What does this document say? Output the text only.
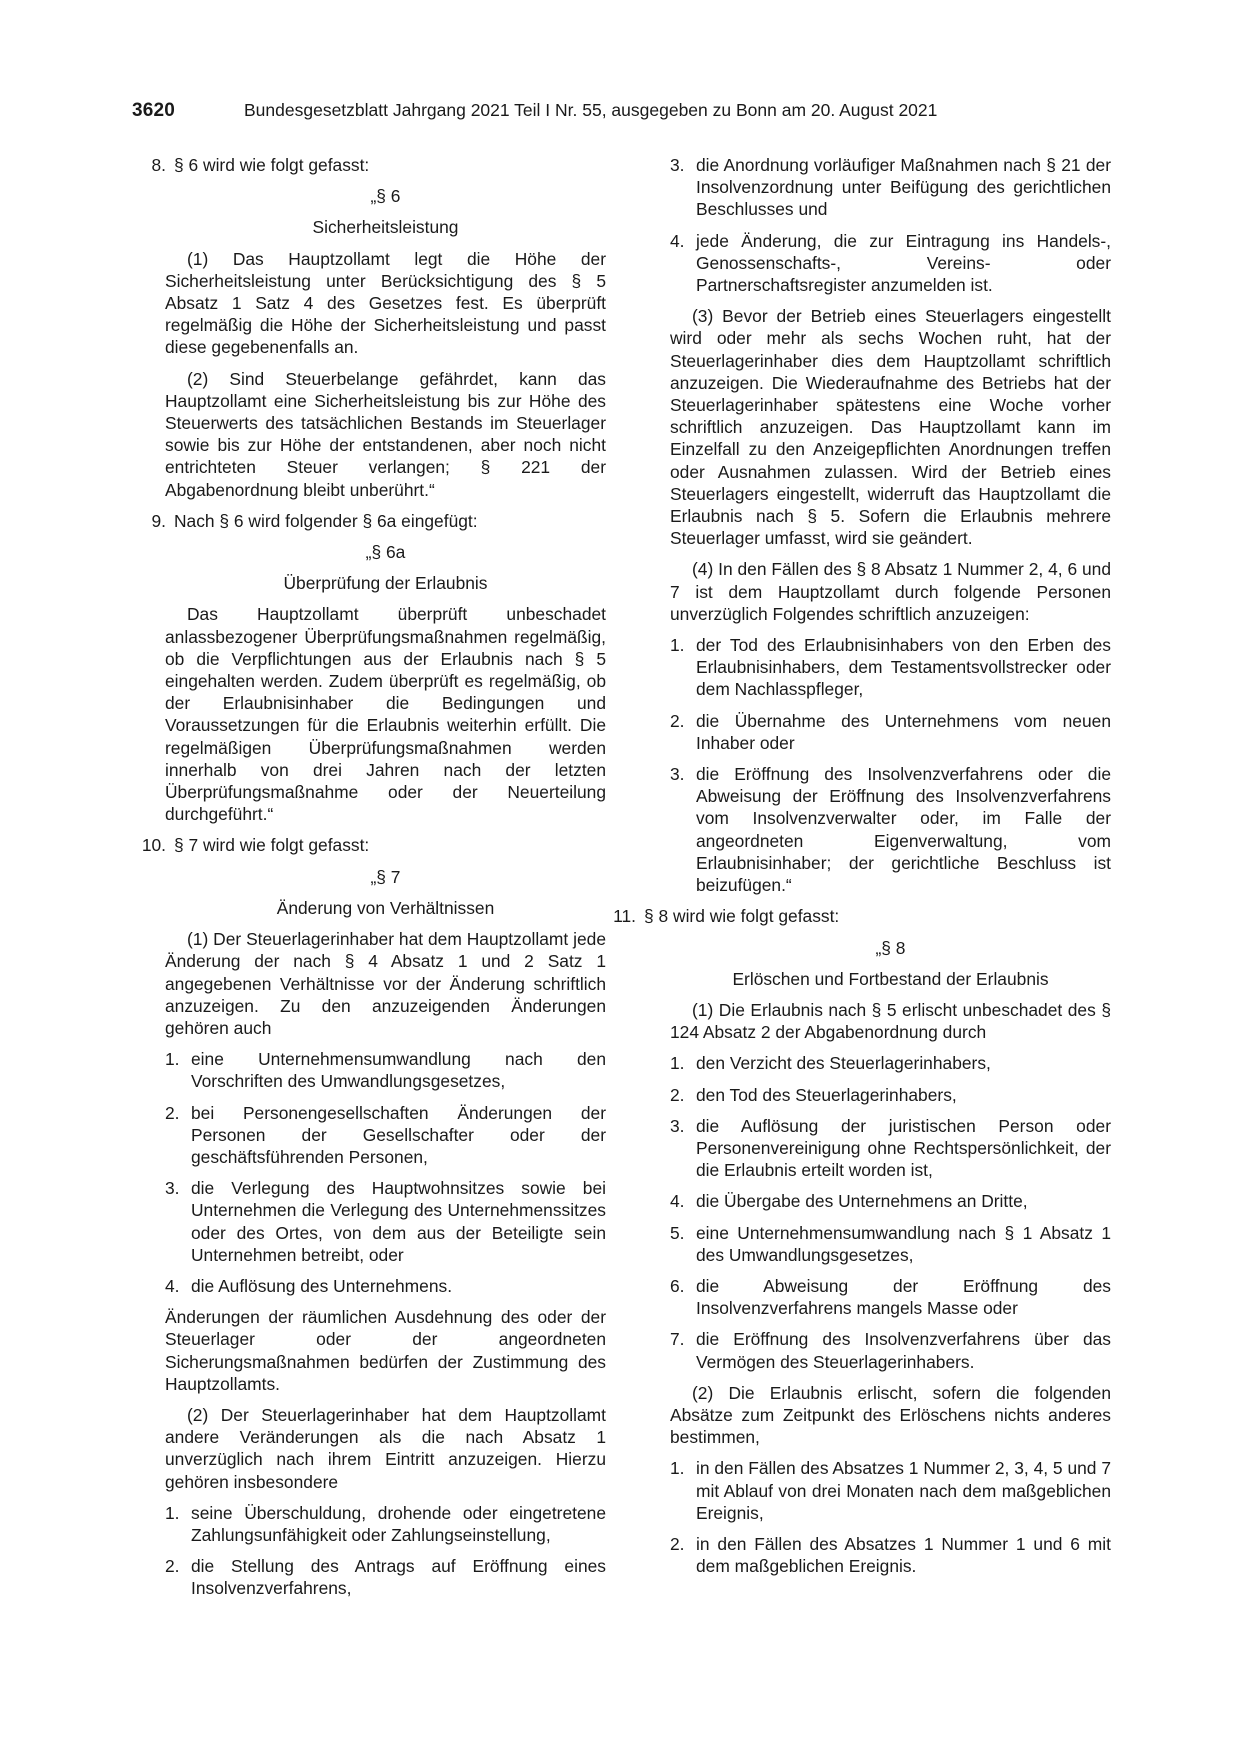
3620	Bundesgesetzblatt Jahrgang 2021 Teil I Nr. 55, ausgegeben zu Bonn am 20. August 2021
8. § 6 wird wie folgt gefasst:

„§ 6

Sicherheitsleistung

(1) Das Hauptzollamt legt die Höhe der Sicherheitsleistung unter Berücksichtigung des § 5 Absatz 1 Satz 4 des Gesetzes fest. Es überprüft regelmäßig die Höhe der Sicherheitsleistung und passt diese gegebenenfalls an.

(2) Sind Steuerbelange gefährdet, kann das Hauptzollamt eine Sicherheitsleistung bis zur Höhe des Steuerwerts des tatsächlichen Bestands im Steuerlager sowie bis zur Höhe der entstandenen, aber noch nicht entrichteten Steuer verlangen; § 221 der Abgabenordnung bleibt unberührt.“

9. Nach § 6 wird folgender § 6a eingefügt:

„§ 6a

Überprüfung der Erlaubnis

Das Hauptzollamt überprüft unbeschadet anlassbezogener Überprüfungsmaßnahmen regelmäßig, ob die Verpflichtungen aus der Erlaubnis nach § 5 eingehalten werden. Zudem überprüft es regelmäßig, ob der Erlaubnisinhaber die Bedingungen und Voraussetzungen für die Erlaubnis weiterhin erfüllt. Die regelmäßigen Überprüfungsmaßnahmen werden innerhalb von drei Jahren nach der letzten Überprüfungsmaßnahme oder der Neuerteilung durchgeführt.“

10. § 7 wird wie folgt gefasst:

„§ 7

Änderung von Verhältnissen

(1) Der Steuerlagerinhaber hat dem Hauptzollamt jede Änderung der nach § 4 Absatz 1 und 2 Satz 1 angegebenen Verhältnisse vor der Änderung schriftlich anzuzeigen. Zu den anzuzeigenden Änderungen gehören auch

1. eine Unternehmensumwandlung nach den Vorschriften des Umwandlungsgesetzes,
2. bei Personengesellschaften Änderungen der Personen der Gesellschafter oder der geschäftsführenden Personen,
3. die Verlegung des Hauptwohnsitzes sowie bei Unternehmen die Verlegung des Unternehmenssitzes oder des Ortes, von dem aus der Beteiligte sein Unternehmen betreibt, oder
4. die Auflösung des Unternehmens.

Änderungen der räumlichen Ausdehnung des oder der Steuerlager oder der angeordneten Sicherungsmaßnahmen bedürfen der Zustimmung des Hauptzollamts.

(2) Der Steuerlagerinhaber hat dem Hauptzollamt andere Veränderungen als die nach Absatz 1 unverzüglich nach ihrem Eintritt anzuzeigen. Hierzu gehören insbesondere

1. seine Überschuldung, drohende oder eingetretene Zahlungsunfähigkeit oder Zahlungseinstellung,
2. die Stellung des Antrags auf Eröffnung eines Insolvenzverfahrens,
3. die Anordnung vorläufiger Maßnahmen nach § 21 der Insolvenzordnung unter Beifügung des gerichtlichen Beschlusses und
4. jede Änderung, die zur Eintragung ins Handels-, Genossenschafts-, Vereins- oder Partnerschaftsregister anzumelden ist.

(3) Bevor der Betrieb eines Steuerlagers eingestellt wird oder mehr als sechs Wochen ruht, hat der Steuerlagerinhaber dies dem Hauptzollamt schriftlich anzuzeigen. Die Wiederaufnahme des Betriebs hat der Steuerlagerinhaber spätestens eine Woche vorher schriftlich anzuzeigen. Das Hauptzollamt kann im Einzelfall zu den Anzeigepflichten Anordnungen treffen oder Ausnahmen zulassen. Wird der Betrieb eines Steuerlagers eingestellt, widerruft das Hauptzollamt die Erlaubnis nach § 5. Sofern die Erlaubnis mehrere Steuerlager umfasst, wird sie geändert.

(4) In den Fällen des § 8 Absatz 1 Nummer 2, 4, 6 und 7 ist dem Hauptzollamt durch folgende Personen unverzüglich Folgendes schriftlich anzuzeigen:

1. der Tod des Erlaubnisinhabers von den Erben des Erlaubnisinhabers, dem Testamentsvollstrecker oder dem Nachlasspfleger,
2. die Übernahme des Unternehmens vom neuen Inhaber oder
3. die Eröffnung des Insolvenzverfahrens oder die Abweisung der Eröffnung des Insolvenzverfahrens vom Insolvenzverwalter oder, im Falle der angeordneten Eigenverwaltung, vom Erlaubnisinhaber; der gerichtliche Beschluss ist beizufügen.“
11. § 8 wird wie folgt gefasst:

„§ 8

Erlöschen und Fortbestand der Erlaubnis

(1) Die Erlaubnis nach § 5 erlischt unbeschadet des § 124 Absatz 2 der Abgabenordnung durch

1. den Verzicht des Steuerlagerinhabers,
2. den Tod des Steuerlagerinhabers,
3. die Auflösung der juristischen Person oder Personenvereinigung ohne Rechtspersönlichkeit, der die Erlaubnis erteilt worden ist,
4. die Übergabe des Unternehmens an Dritte,
5. eine Unternehmensumwandlung nach § 1 Absatz 1 des Umwandlungsgesetzes,
6. die Abweisung der Eröffnung des Insolvenzverfahrens mangels Masse oder
7. die Eröffnung des Insolvenzverfahrens über das Vermögen des Steuerlagerinhabers.

(2) Die Erlaubnis erlischt, sofern die folgenden Absätze zum Zeitpunkt des Erlöschens nichts anderes bestimmen,

1. in den Fällen des Absatzes 1 Nummer 2, 3, 4, 5 und 7 mit Ablauf von drei Monaten nach dem maßgeblichen Ereignis,
2. in den Fällen des Absatzes 1 Nummer 1 und 6 mit dem maßgeblichen Ereignis.
